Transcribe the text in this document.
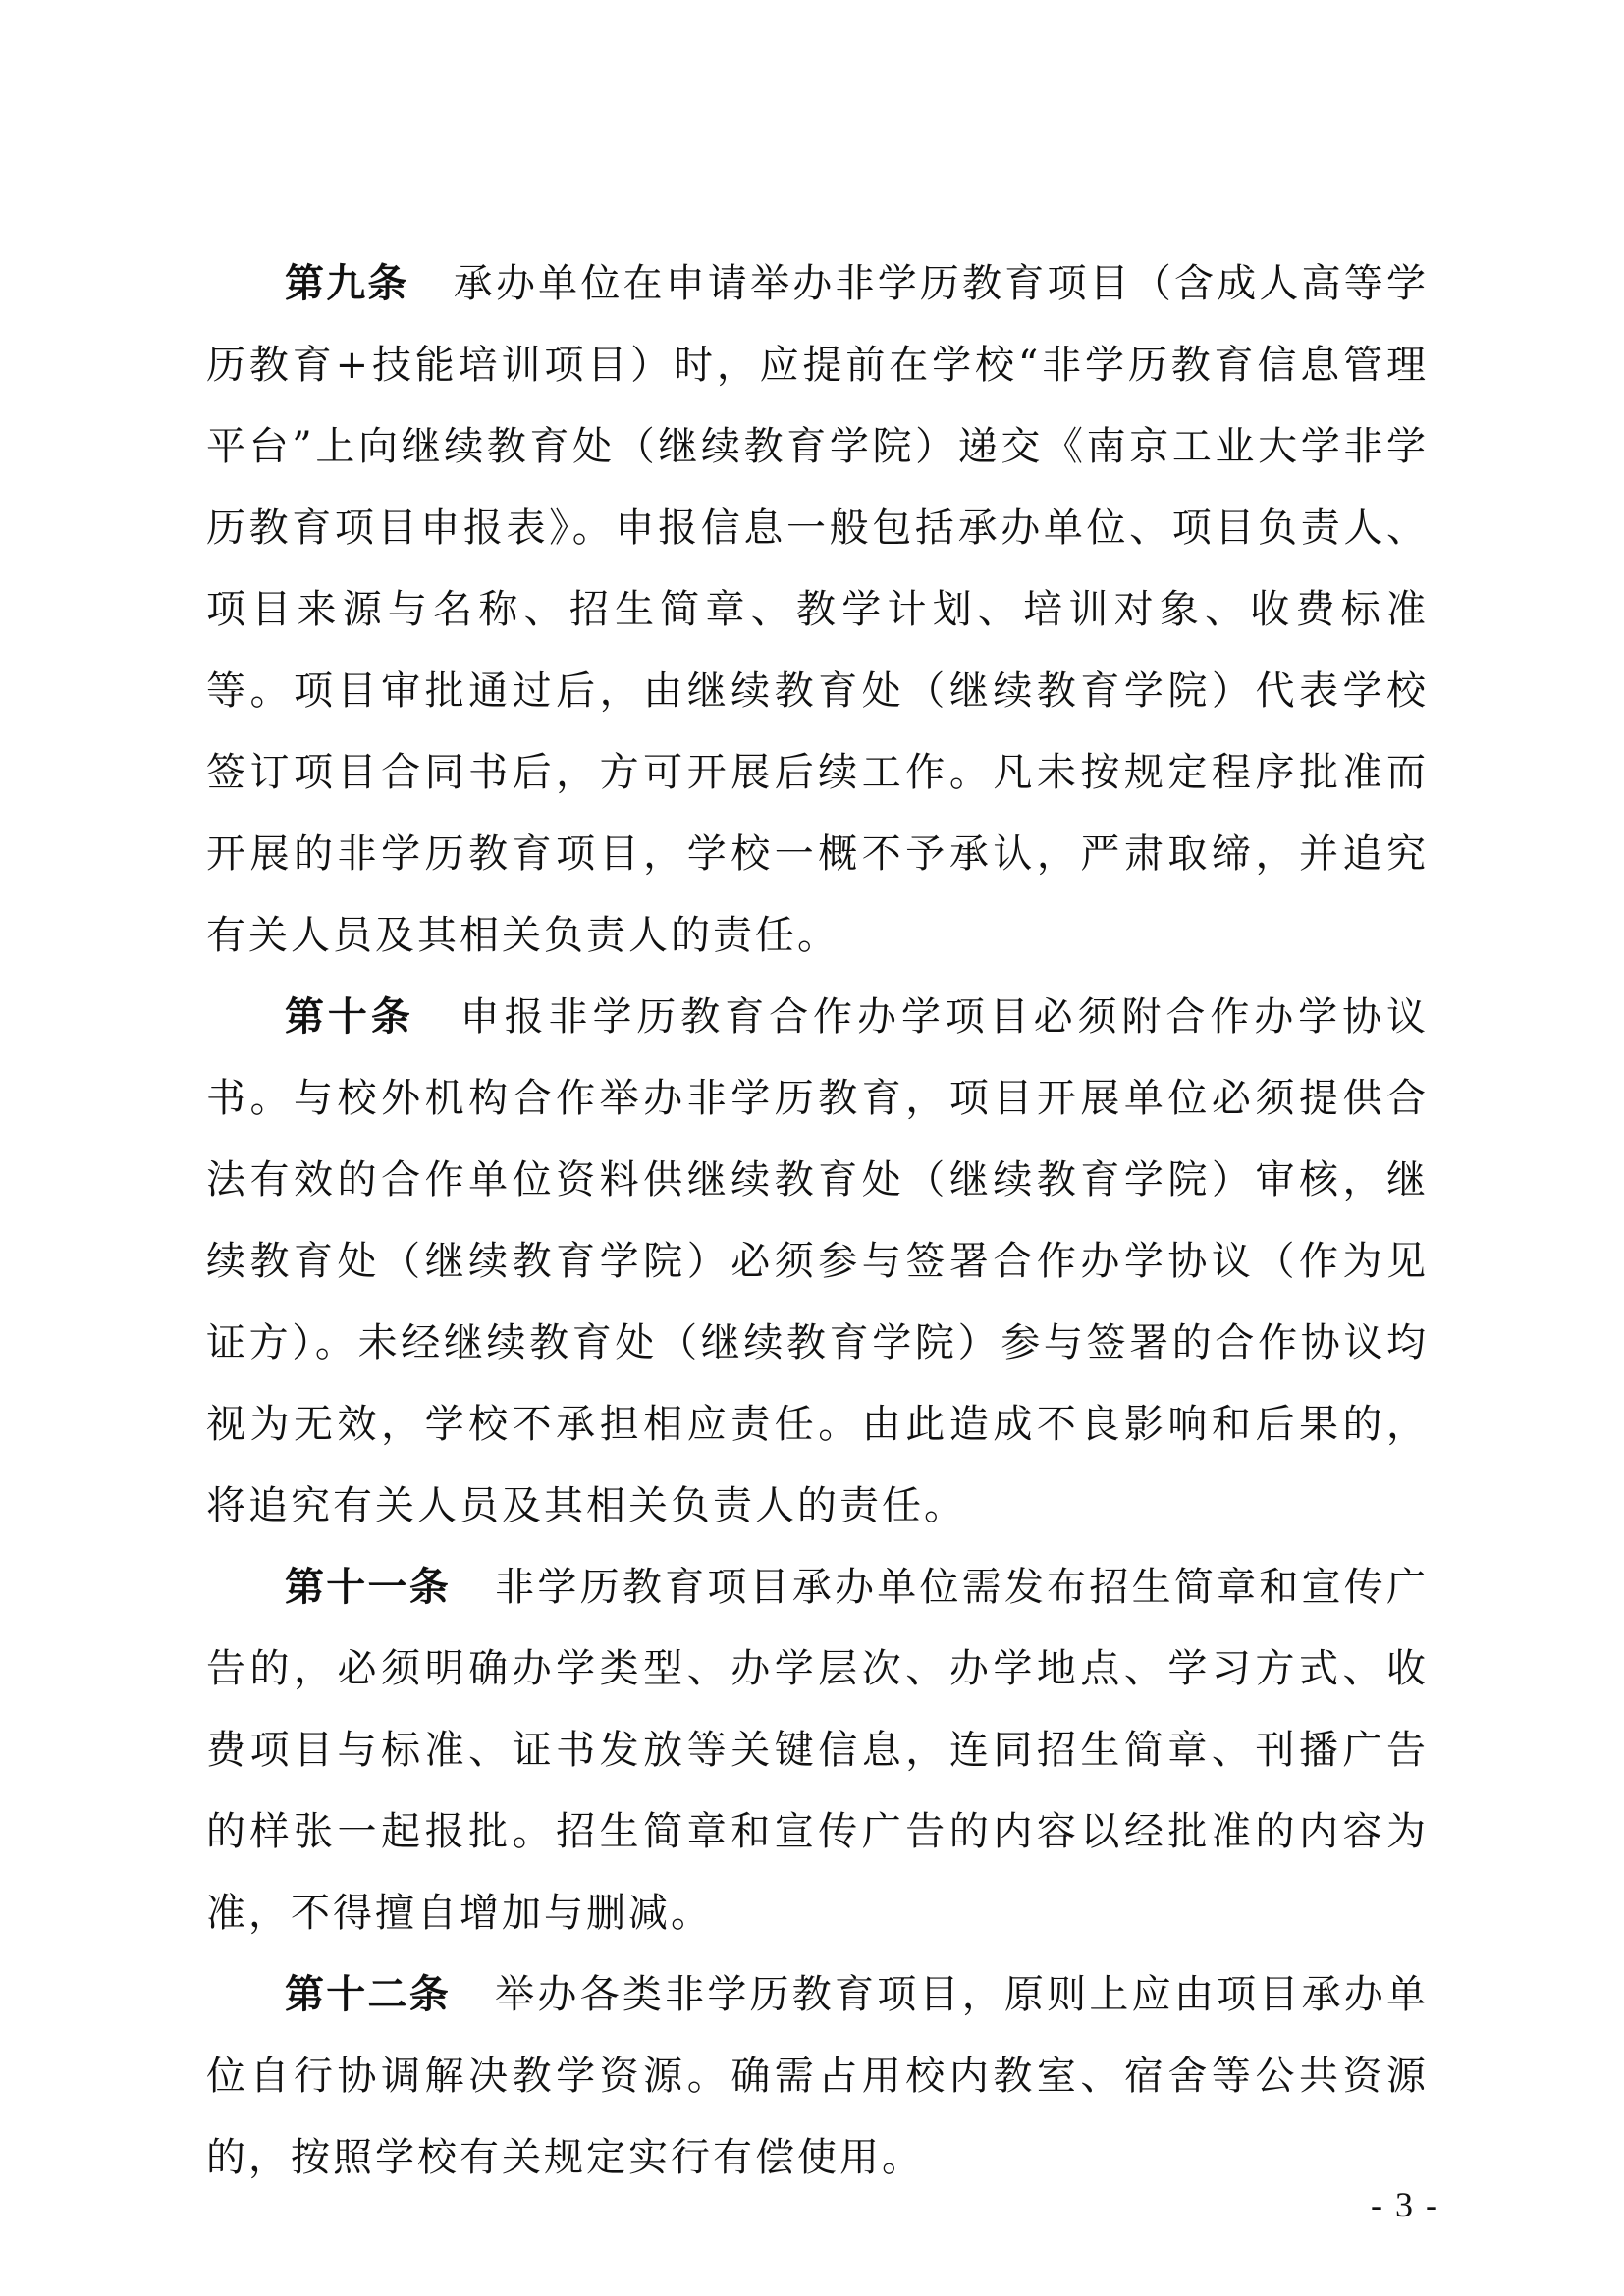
第九条 承办单位在申请举办非学历教育项目（含成人高等学历教育+技能培训项目）时，应提前在学校“非学历教育信息管理平台”上向继续教育处（继续教育学院）递交《南京工业大学非学历教育项目申报表》。申报信息一般包括承办单位、项目负责人、项目来源与名称、招生简章、教学计划、培训对象、收费标准等。项目审批通过后，由继续教育处（继续教育学院）代表学校签订项目合同书后，方可开展后续工作。凡未按规定程序批准而开展的非学历教育项目，学校一概不予承认，严肃取缔，并追究有关人员及其相关负责人的责任。

第十条 申报非学历教育合作办学项目必须附合作办学协议书。与校外机构合作举办非学历教育，项目开展单位必须提供合法有效的合作单位资料供继续教育处（继续教育学院）审核，继续教育处（继续教育学院）必须参与签署合作办学协议（作为见证方）。未经继续教育处（继续教育学院）参与签署的合作协议均视为无效，学校不承担相应责任。由此造成不良影响和后果的，将追究有关人员及其相关负责人的责任。

第十一条 非学历教育项目承办单位需发布招生简章和宣传广告的，必须明确办学类型、办学层次、办学地点、学习方式、收费项目与标准、证书发放等关键信息，连同招生简章、刊播广告的样张一起报批。招生简章和宣传广告的内容以经批准的内容为准，不得擅自增加与删减。

第十二条 举办各类非学历教育项目，原则上应由项目承办单位自行协调解决教学资源。确需占用校内教室、宿舍等公共资源的，按照学校有关规定实行有偿使用。

- 3 -
